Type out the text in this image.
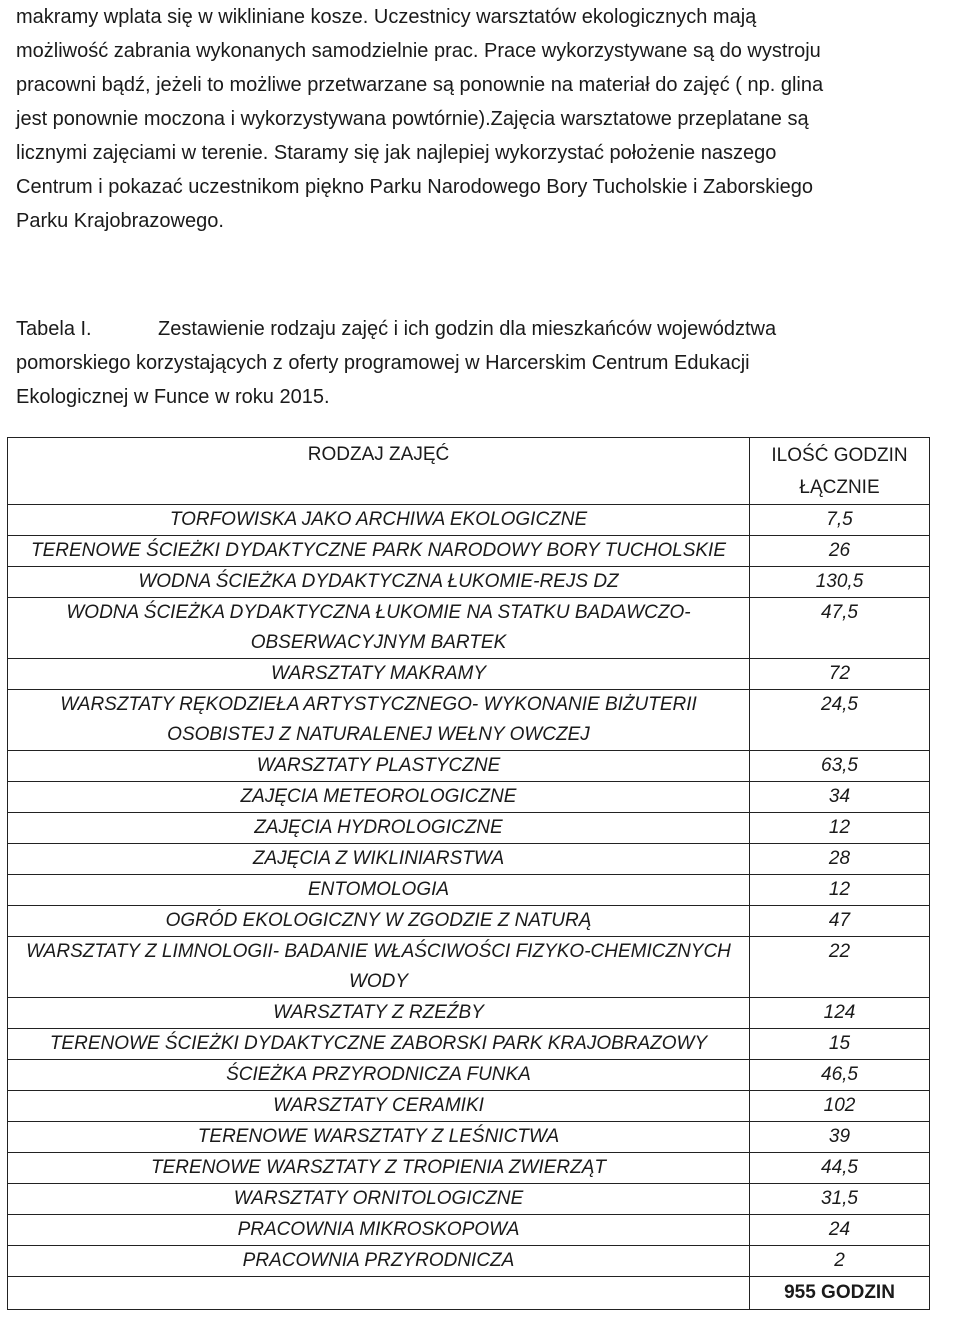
makramy wplata się w wikliniane kosze. Uczestnicy warsztatów ekologicznych mają
możliwość zabrania wykonanych samodzielnie prac. Prace wykorzystywane są do wystroju
pracowni bądź, jeżeli to możliwe przetwarzane są ponownie na materiał do zajęć ( np. glina
jest ponownie moczona i wykorzystywana powtórnie).Zajęcia warsztatowe przeplatane są
licznymi zajęciami w terenie. Staramy się jak najlepiej wykorzystać położenie naszego
Centrum i pokazać uczestnikom piękno Parku Narodowego Bory Tucholskie i Zaborskiego
Parku Krajobrazowego.
Tabela I.	Zestawienie rodzaju zajęć i ich godzin dla mieszkańców województwa
pomorskiego korzystających z oferty programowej w Harcerskim Centrum Edukacji
Ekologicznej w Funce w roku 2015.
RODZAJ ZAJĘĆ	ILOŚĆ GODZIN ŁĄCZNIE
TORFOWISKA JAKO ARCHIWA EKOLOGICZNE	7,5
TERENOWE ŚCIEŻKI DYDAKTYCZNE PARK NARODOWY BORY TUCHOLSKIE	26
WODNA ŚCIEŻKA DYDAKTYCZNA ŁUKOMIE-REJS DZ	130,5
WODNA ŚCIEŻKA DYDAKTYCZNA ŁUKOMIE NA STATKU BADAWCZO-OBSERWACYJNYM BARTEK	47,5
WARSZTATY MAKRAMY	72
WARSZTATY RĘKODZIEŁA ARTYSTYCZNEGO- WYKONANIE BIŻUTERII OSOBISTEJ Z NATURALENEJ WEŁNY OWCZEJ	24,5
WARSZTATY PLASTYCZNE	63,5
ZAJĘCIA METEOROLOGICZNE	34
ZAJĘCIA HYDROLOGICZNE	12
ZAJĘCIA Z WIKLINIARSTWA	28
ENTOMOLOGIA	12
OGRÓD EKOLOGICZNY W ZGODZIE Z NATURĄ	47
WARSZTATY Z LIMNOLOGII- BADANIE WŁAŚCIWOŚCI FIZYKO-CHEMICZNYCH WODY	22
WARSZTATY Z RZEŹBY	124
TERENOWE ŚCIEŻKI DYDAKTYCZNE ZABORSKI PARK KRAJOBRAZOWY	15
ŚCIEŻKA PRZYRODNICZA FUNKA	46,5
WARSZTATY CERAMIKI	102
TERENOWE WARSZTATY Z LEŚNICTWA	39
TERENOWE WARSZTATY Z TROPIENIA ZWIERZĄT	44,5
WARSZTATY ORNITOLOGICZNE	31,5
PRACOWNIA MIKROSKOPOWA	24
PRACOWNIA PRZYRODNICZA	2
	955 GODZIN
